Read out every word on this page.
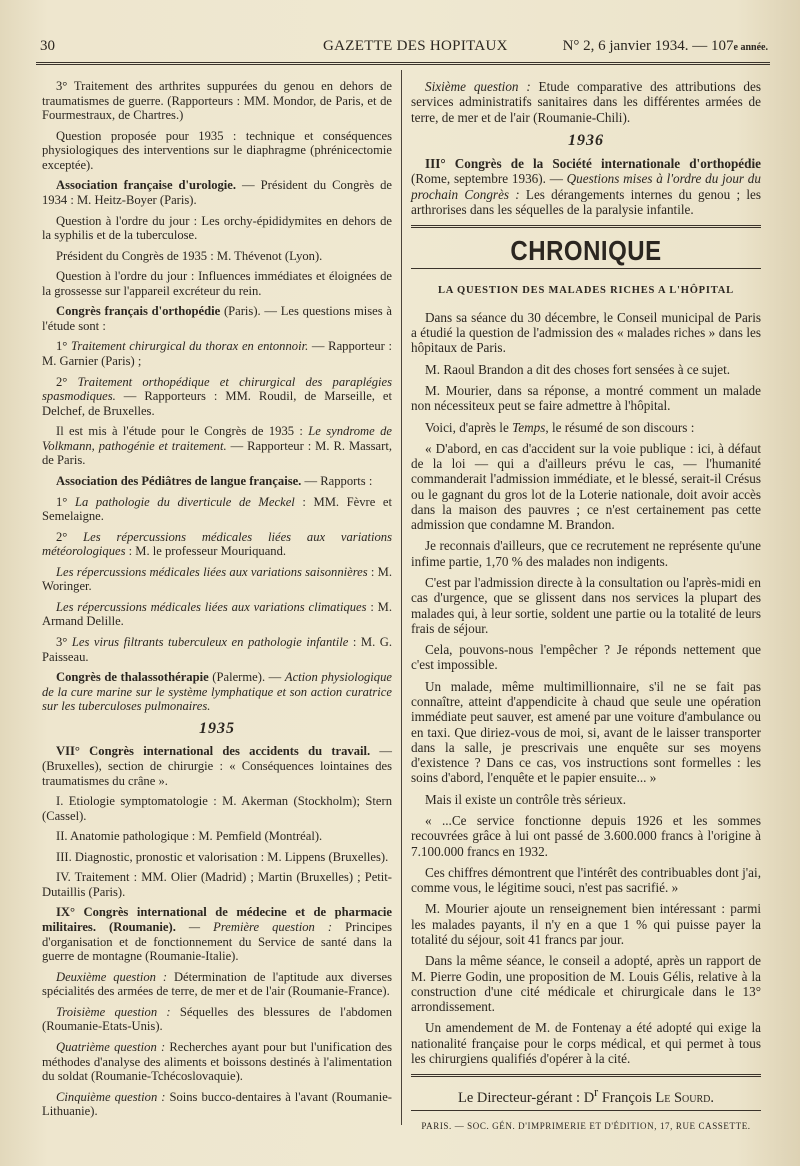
30	GAZETTE DES HOPITAUX	N° 2, 6 janvier 1934. — 107e année.

3° Traitement des arthrites suppurées du genou en dehors de traumatismes de guerre. (Rapporteurs : MM. Mondor, de Paris, et de Fourmestraux, de Chartres.)

Question proposée pour 1935 : technique et conséquences physiologiques des interventions sur le diaphragme (phrénicectomie exceptée).

Association française d'urologie. — Président du Congrès de 1934 : M. Heitz-Boyer (Paris).

Question à l'ordre du jour : Les orchy-épididymites en dehors de la syphilis et de la tuberculose.

Président du Congrès de 1935 : M. Thévenot (Lyon).

Question à l'ordre du jour : Influences immédiates et éloignées de la grossesse sur l'appareil excréteur du rein.

Congrès français d'orthopédie (Paris). — Les questions mises à l'étude sont :

1° Traitement chirurgical du thorax en entonnoir. — Rapporteur : M. Garnier (Paris) ;

2° Traitement orthopédique et chirurgical des paraplégies spasmodiques. — Rapporteurs : MM. Roudil, de Marseille, et Delchef, de Bruxelles.

Il est mis à l'étude pour le Congrès de 1935 : Le syndrome de Volkmann, pathogénie et traitement. — Rapporteur : M. R. Massart, de Paris.

Association des Pédiâtres de langue française. — Rapports :

1° La pathologie du diverticule de Meckel : MM. Fèvre et Semelaigne.

2° Les répercussions médicales liées aux variations météorologiques : M. le professeur Mouriquand.

Les répercussions médicales liées aux variations saisonnières : M. Woringer.

Les répercussions médicales liées aux variations climatiques : M. Armand Delille.

3° Les virus filtrants tuberculeux en pathologie infantile : M. G. Paisseau.

Congrès de thalassothérapie (Palerme). — Action physiologique de la cure marine sur le système lymphatique et son action curatrice sur les tuberculoses pulmonaires.

1935

VII° Congrès international des accidents du travail. — (Bruxelles), section de chirurgie : « Conséquences lointaines des traumatismes du crâne ».

I. Etiologie symptomatologie : M. Akerman (Stockholm); Stern (Cassel).

II. Anatomie pathologique : M. Pemfield (Montréal).

III. Diagnostic, pronostic et valorisation : M. Lippens (Bruxelles).

IV. Traitement : MM. Olier (Madrid) ; Martin (Bruxelles) ; Petit-Dutaillis (Paris).

IX° Congrès international de médecine et de pharmacie militaires. (Roumanie). — Première question : Principes d'organisation et de fonctionnement du Service de santé dans la guerre de montagne (Roumanie-Italie).

Deuxième question : Détermination de l'aptitude aux diverses spécialités des armées de terre, de mer et de l'air (Roumanie-France).

Troisième question : Séquelles des blessures de l'abdomen (Roumanie-Etats-Unis).

Quatrième question : Recherches ayant pour but l'unification des méthodes d'analyse des aliments et boissons destinés à l'alimentation du soldat (Roumanie-Tchécoslovaquie).

Cinquième question : Soins bucco-dentaires à l'avant (Roumanie-Lithuanie).

Sixième question : Etude comparative des attributions des services administratifs sanitaires dans les différentes armées de terre, de mer et de l'air (Roumanie-Chili).

1936

III° Congrès de la Société internationale d'orthopédie (Rome, septembre 1936). — Questions mises à l'ordre du jour du prochain Congrès : Les dérangements internes du genou ; les arthrorises dans les séquelles de la paralysie infantile.

CHRONIQUE
LA QUESTION DES MALADES RICHES A L'HÔPITAL

Dans sa séance du 30 décembre, le Conseil municipal de Paris a étudié la question de l'admission des « malades riches » dans les hôpitaux de Paris.

M. Raoul Brandon a dit des choses fort sensées à ce sujet.

M. Mourier, dans sa réponse, a montré comment un malade non nécessiteux peut se faire admettre à l'hôpital.

Voici, d'après le Temps, le résumé de son discours :

« D'abord, en cas d'accident sur la voie publique : ici, à défaut de la loi — qui a d'ailleurs prévu le cas, — l'humanité commanderait l'admission immédiate, et le blessé, serait-il Crésus ou le gagnant du gros lot de la Loterie nationale, doit avoir accès dans la maison des pauvres ; ce n'est certainement pas cette admission que condamne M. Brandon.

Je reconnais d'ailleurs, que ce recrutement ne représente qu'une infime partie, 1,70 % des malades non indigents.

C'est par l'admission directe à la consultation ou l'après-midi en cas d'urgence, que se glissent dans nos services la plupart des malades qui, à leur sortie, soldent une partie ou la totalité de leurs frais de séjour.

Cela, pouvons-nous l'empêcher ? Je réponds nettement que c'est impossible.

Un malade, même multimillionnaire, s'il ne se fait pas connaître, atteint d'appendicite à chaud que seule une opération immédiate peut sauver, est amené par une voiture d'ambulance ou en taxi. Que diriez-vous de moi, si, avant de le laisser transporter dans la salle, je prescrivais une enquête sur ses moyens d'existence ? Dans ce cas, vos instructions sont formelles : les soins d'abord, l'enquête et le papier ensuite... »

Mais il existe un contrôle très sérieux.

« ...Ce service fonctionne depuis 1926 et les sommes recouvrées grâce à lui ont passé de 3.600.000 francs à l'origine à 7.100.000 francs en 1932.

Ces chiffres démontrent que l'intérêt des contribuables dont j'ai, comme vous, le légitime souci, n'est pas sacrifié. »

M. Mourier ajoute un renseignement bien intéressant : parmi les malades payants, il n'y en a que 1 % qui puisse payer la totalité du séjour, soit 41 francs par jour.

Dans la même séance, le conseil a adopté, après un rapport de M. Pierre Godin, une proposition de M. Louis Gélis, relative à la construction d'une cité médicale et chirurgicale dans le 13° arrondissement.

Un amendement de M. de Fontenay a été adopté qui exige la nationalité française pour le corps médical, et qui permet à tous les chirurgiens qualifiés d'opérer à la cité.

Le Directeur-gérant : $D^r$ François Le Sourd.
PARIS. — SOC. GÉN. D'IMPRIMERIE ET D'ÉDITION, 17, RUE CASSETTE.
